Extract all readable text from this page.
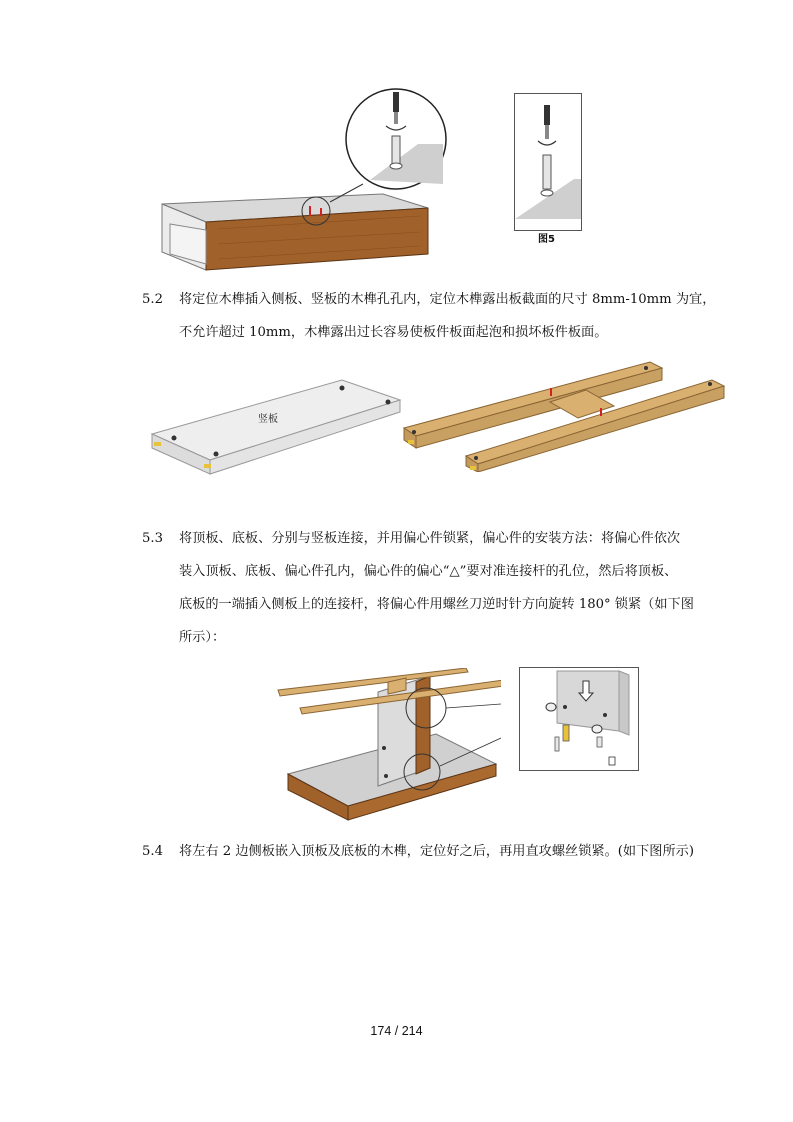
图5
5.2	将定位木榫插入侧板、竖板的木榫孔孔内，定位木榫露出板截面的尺寸 8mm-10mm 为宜，
不允许超过 10mm，木榫露出过长容易使板件板面起泡和损坏板件板面。
竖板
5.3	将顶板、底板、分别与竖板连接，并用偏心件锁紧，偏心件的安装方法：将偏心件依次
装入顶板、底板、偏心件孔内，偏心件的偏心“△”要对准连接杆的孔位，然后将顶板、
底板的一端插入侧板上的连接杆，将偏心件用螺丝刀逆时针方向旋转 180° 锁紧（如下图
所示）：
5.4	将左右 2 边侧板嵌入顶板及底板的木榫，定位好之后，再用直攻螺丝锁紧。(如下图所示)
174 / 214
